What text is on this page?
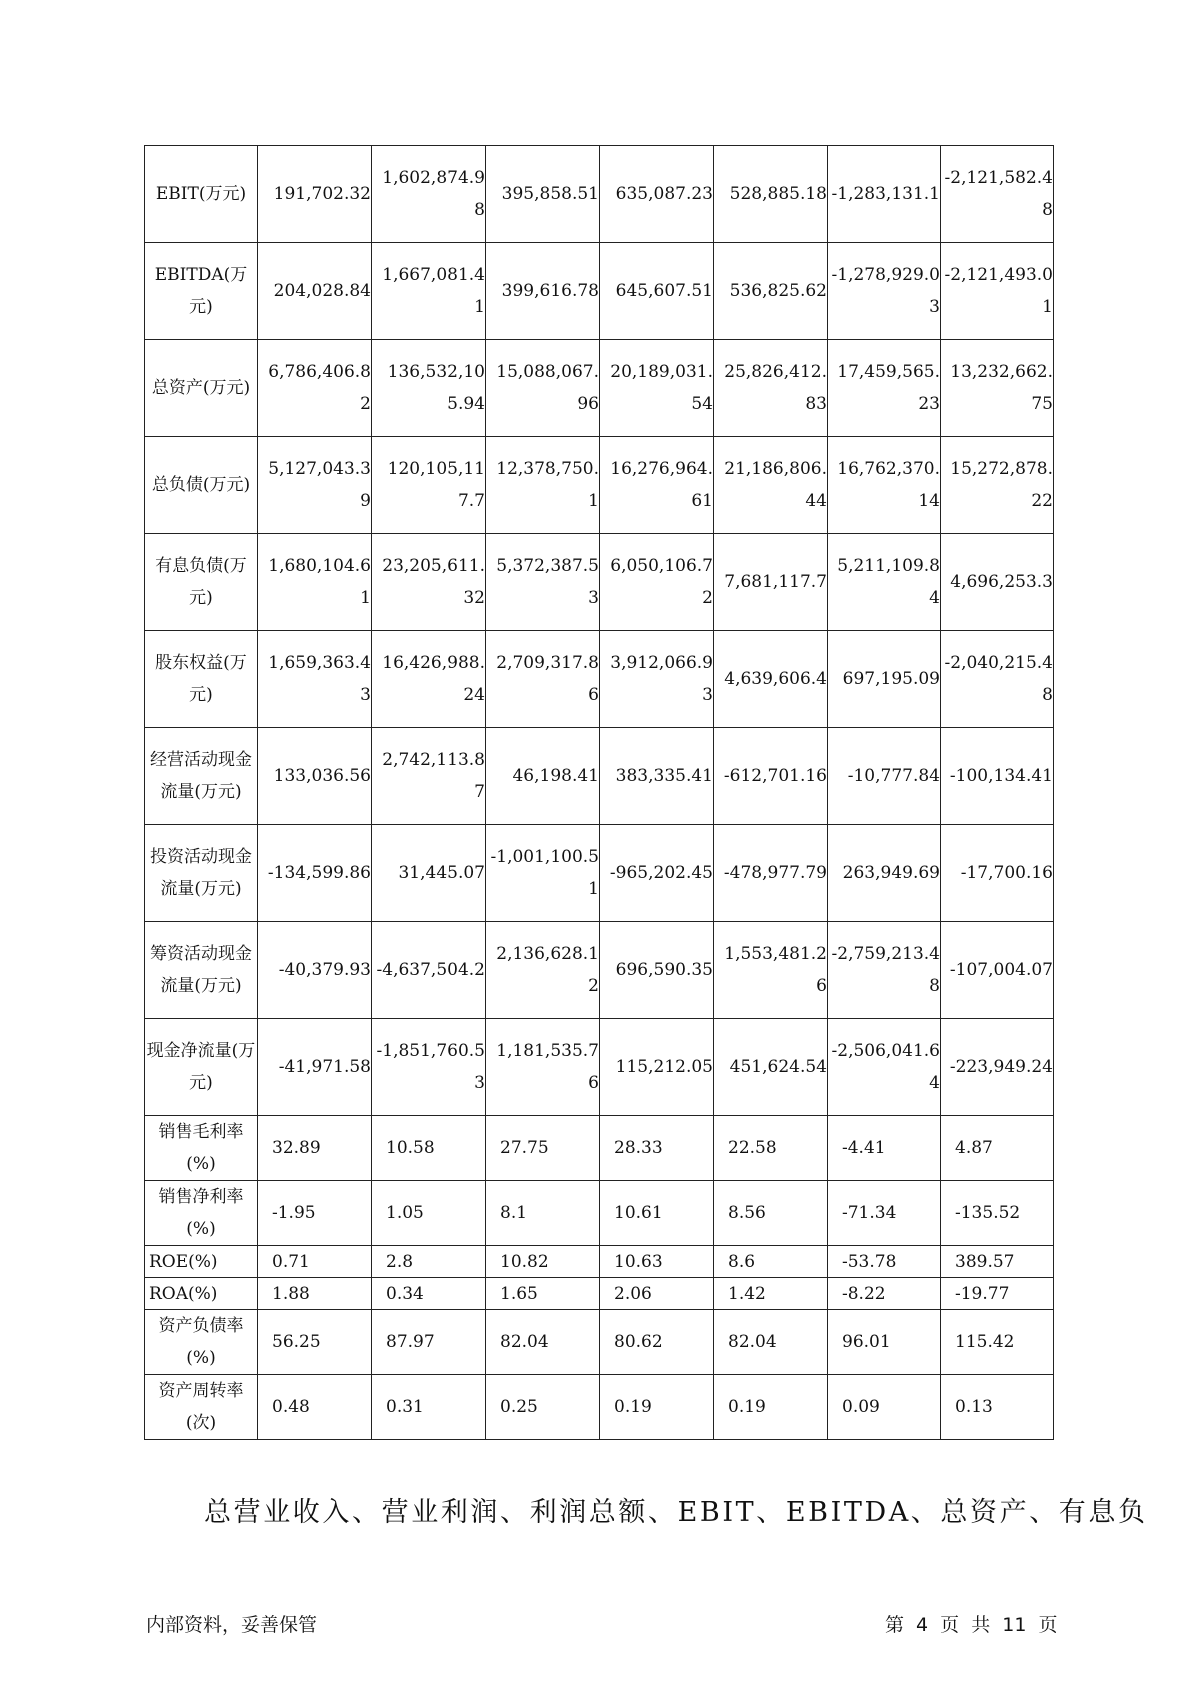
EBIT(万元)	191,702.32	1,602,874.98	395,858.51	635,087.23	528,885.18	-1,283,131.1	-2,121,582.48
EBITDA(万元)	204,028.84	1,667,081.41	399,616.78	645,607.51	536,825.62	-1,278,929.03	-2,121,493.01
总资产(万元)	6,786,406.82	136,532,105.94	15,088,067.96	20,189,031.54	25,826,412.83	17,459,565.23	13,232,662.75
总负债(万元)	5,127,043.39	120,105,117.7	12,378,750.1	16,276,964.61	21,186,806.44	16,762,370.14	15,272,878.22
有息负债(万元)	1,680,104.61	23,205,611.32	5,372,387.53	6,050,106.72	7,681,117.7	5,211,109.84	4,696,253.3
股东权益(万元)	1,659,363.43	16,426,988.24	2,709,317.86	3,912,066.93	4,639,606.4	697,195.09	-2,040,215.48
经营活动现金流量(万元)	133,036.56	2,742,113.87	46,198.41	383,335.41	-612,701.16	-10,777.84	-100,134.41
投资活动现金流量(万元)	-134,599.86	31,445.07	-1,001,100.51	-965,202.45	-478,977.79	263,949.69	-17,700.16
筹资活动现金流量(万元)	-40,379.93	-4,637,504.2	2,136,628.12	696,590.35	1,553,481.26	-2,759,213.48	-107,004.07
现金净流量(万元)	-41,971.58	-1,851,760.53	1,181,535.76	115,212.05	451,624.54	-2,506,041.64	-223,949.24
销售毛利率(%)	32.89	10.58	27.75	28.33	22.58	-4.41	4.87
销售净利率(%)	-1.95	1.05	8.1	10.61	8.56	-71.34	-135.52
ROE(%)	0.71	2.8	10.82	10.63	8.6	-53.78	389.57
ROA(%)	1.88	0.34	1.65	2.06	1.42	-8.22	-19.77
资产负债率(%)	56.25	87.97	82.04	80.62	82.04	96.01	115.42
资产周转率(次)	0.48	0.31	0.25	0.19	0.19	0.09	0.13
总营业收入、营业利润、利润总额、EBIT、EBITDA、总资产、有息负
内部资料，妥善保管	第 4 页 共 11 页
